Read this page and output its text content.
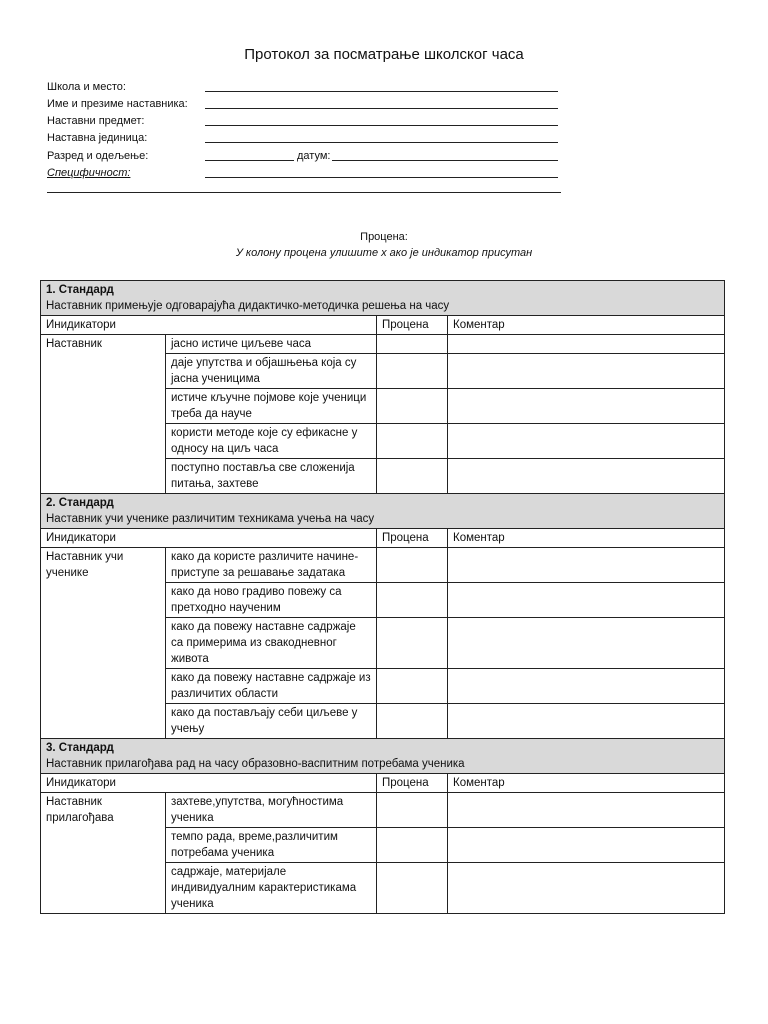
Протокол за посматрање школског часа
Школа и место:
Име и презиме наставника:
Наставни предмет:
Наставна јединица:
Разред и одељење:	датум:
Специфичност:
Процена:
У колону процена улишите х ако је индикатор присутан
1. Стандард
Наставник примењује одговарајућа дидактичко-методичка решења на часу			

Инидикатори		Процена	Коментар
Наставник	јасно истиче циљеве часа		
	даје упутства и објашњења која су јасна ученицима		
	истиче кључне појмове које ученици треба да науче		
	користи методе које су ефикасне у односу на циљ часа		
	поступно поставља све сложенија питања, захтеве		

2. Стандард
Наставник учи ученике различитим техникама учења на часу			

Инидикатори		Процена	Коментар
Наставник учи ученике	како да користе различите начине-приступе за решавање задатака		
	како да ново градиво повежу са претходно наученим		
	како да повежу наставне садржаје са примерима из свакодневног живота		
	како да повежу наставне садржаје из различитих области		
	како да постављају себи циљеве у учењу		

3. Стандард
Наставник прилагођава рад на часу образовно-васпитним потребама ученика			

Инидикатори		Процена	Коментар
Наставник прилагођава	захтеве,упутства, могућностима ученика		
	темпо рада, време,различитим потребама ученика		
	садржаје, материјале индивидуалним карактеристикама ученика		
